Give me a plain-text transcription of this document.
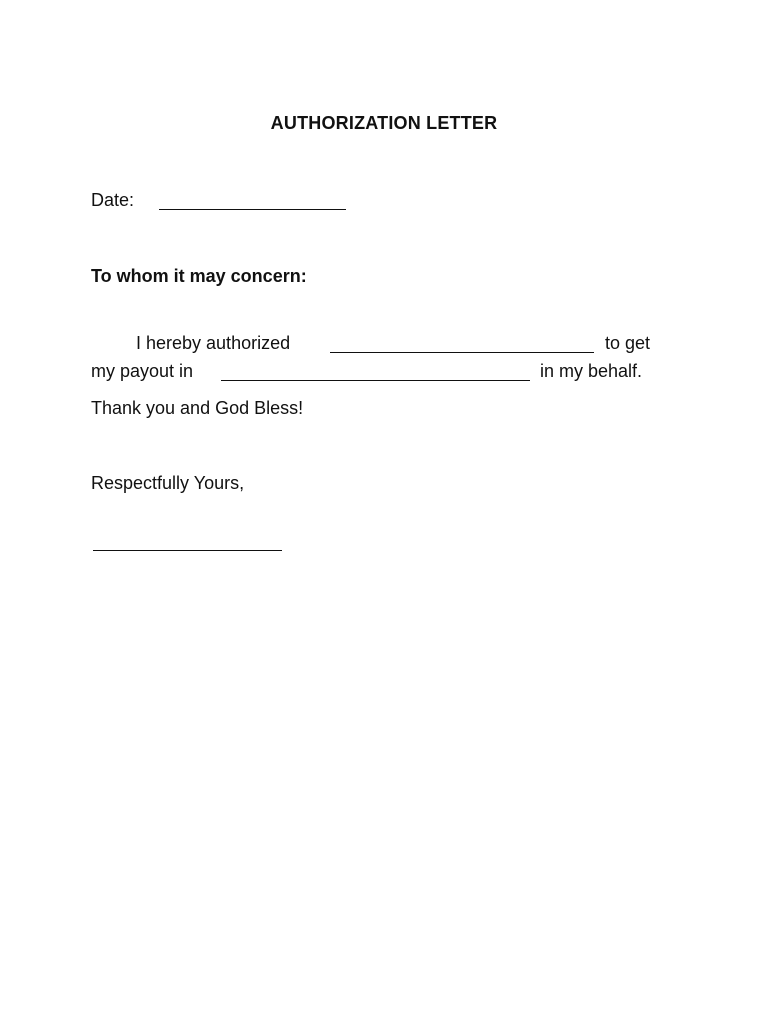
AUTHORIZATION LETTER
Date:
To whom it may concern:
I hereby authorized	to get
my payout in	in my behalf.
Thank you and God Bless!
Respectfully Yours,
